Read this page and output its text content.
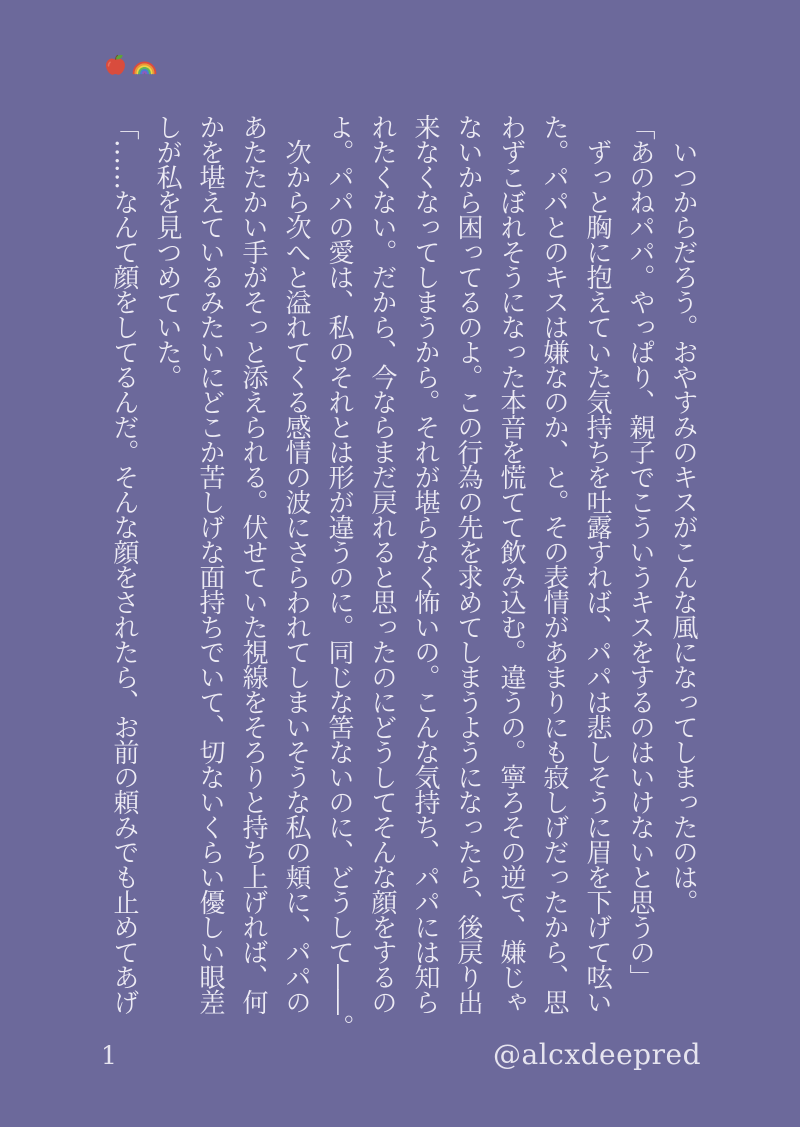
　いつからだろう。おやすみのキスがこんな風になってしまったのは。
「あのねパパ。やっぱり、親子でこういうキスをするのはいけないと思うの」
　ずっと胸に抱えていた気持ちを吐露すれば、パパは悲しそうに眉を下げて呟い
た。パパとのキスは嫌なのか、と。その表情があまりにも寂しげだったから、思
わずこぼれそうになった本音を慌てて飲み込む。違うの。寧ろその逆で、嫌じゃ
ないから困ってるのよ。この行為の先を求めてしまうようになったら、後戻り出
来なくなってしまうから。それが堪らなく怖いの。こんな気持ち、パパには知ら
れたくない。だから、今ならまだ戻れると思ったのにどうしてそんな顔をするの
よ。パパの愛は、私のそれとは形が違うのに。同じな筈ないのに、どうして――。
　次から次へと溢れてくる感情の波にさらわれてしまいそうな私の頬に、パパの
あたたかい手がそっと添えられる。伏せていた視線をそろりと持ち上げれば、何
かを堪えているみたいにどこか苦しげな面持ちでいて、切ないくらい優しい眼差
しが私を見つめていた。
「……なんて顔をしてるんだ。そんな顔をされたら、お前の頼みでも止めてあげ
1	@alcxdeepred
